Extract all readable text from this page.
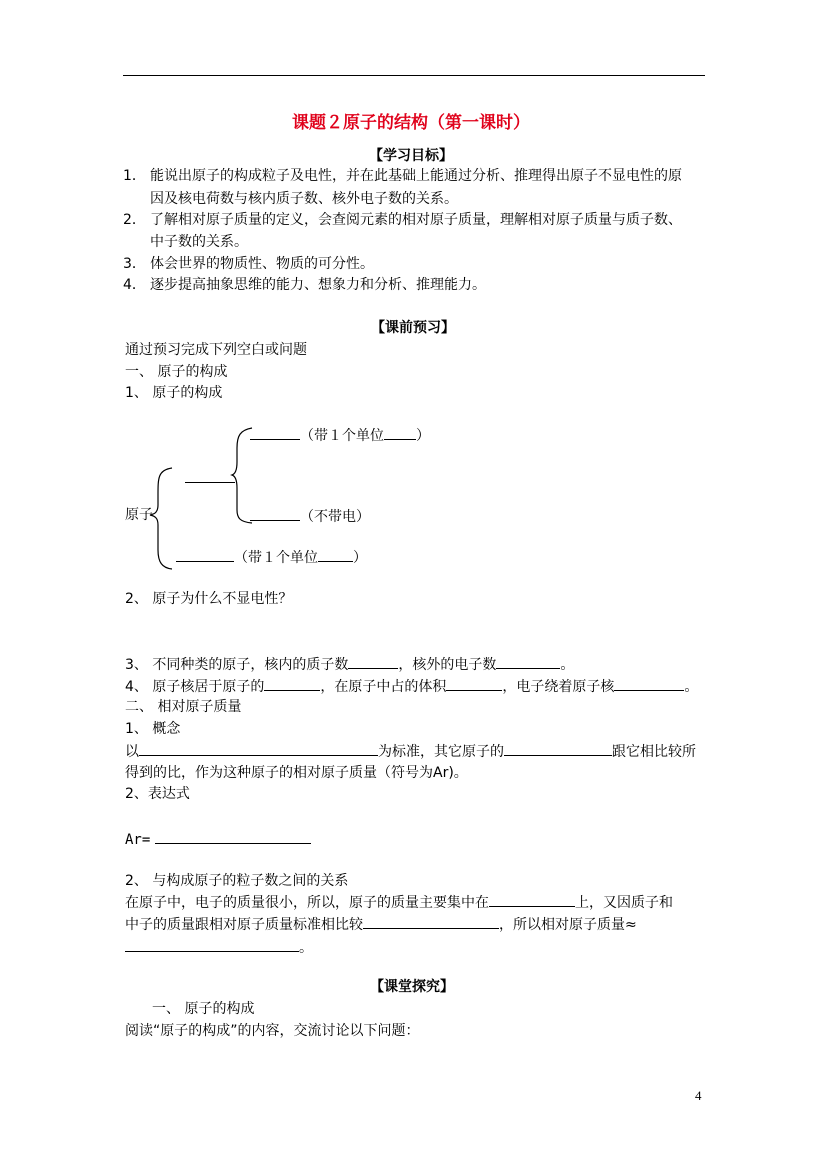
课题２原子的结构（第一课时）
【学习目标】
1． 能说出原子的构成粒子及电性，并在此基础上能通过分析、推理得出原子不显电性的原
因及核电荷数与核内质子数、核外电子数的关系。
2． 了解相对原子质量的定义，会查阅元素的相对原子质量，理解相对原子质量与质子数、
中子数的关系。
3． 体会世界的物质性、物质的可分性。
4． 逐步提高抽象思维的能力、想象力和分析、推理能力。
【课前预习】
通过预习完成下列空白或问题
一、 原子的构成
1、 原子的构成
原子
（带１个单位 ）
（不带电）
（带１个单位	）
2、 原子为什么不显电性？
3、 不同种类的原子，核内的质子数	，核外的电子数	。
4、 原子核居于原子的	，在原子中占的体积	，电子绕着原子核	。
二、 相对原子质量
1、 概念
以	为标准，其它原子的	跟它相比较所
得到的比，作为这种原子的相对原子质量（符号为Ar)。
2、表达式
Ar=
2、 与构成原子的粒子数之间的关系
在原子中，电子的质量很小，所以，原子的质量主要集中在	上，又因质子和
中子的质量跟相对原子质量标准相比较	，所以相对原子质量≈
。
【课堂探究】
一、 原子的构成
阅读“原子的构成”的内容，交流讨论以下问题：
4
